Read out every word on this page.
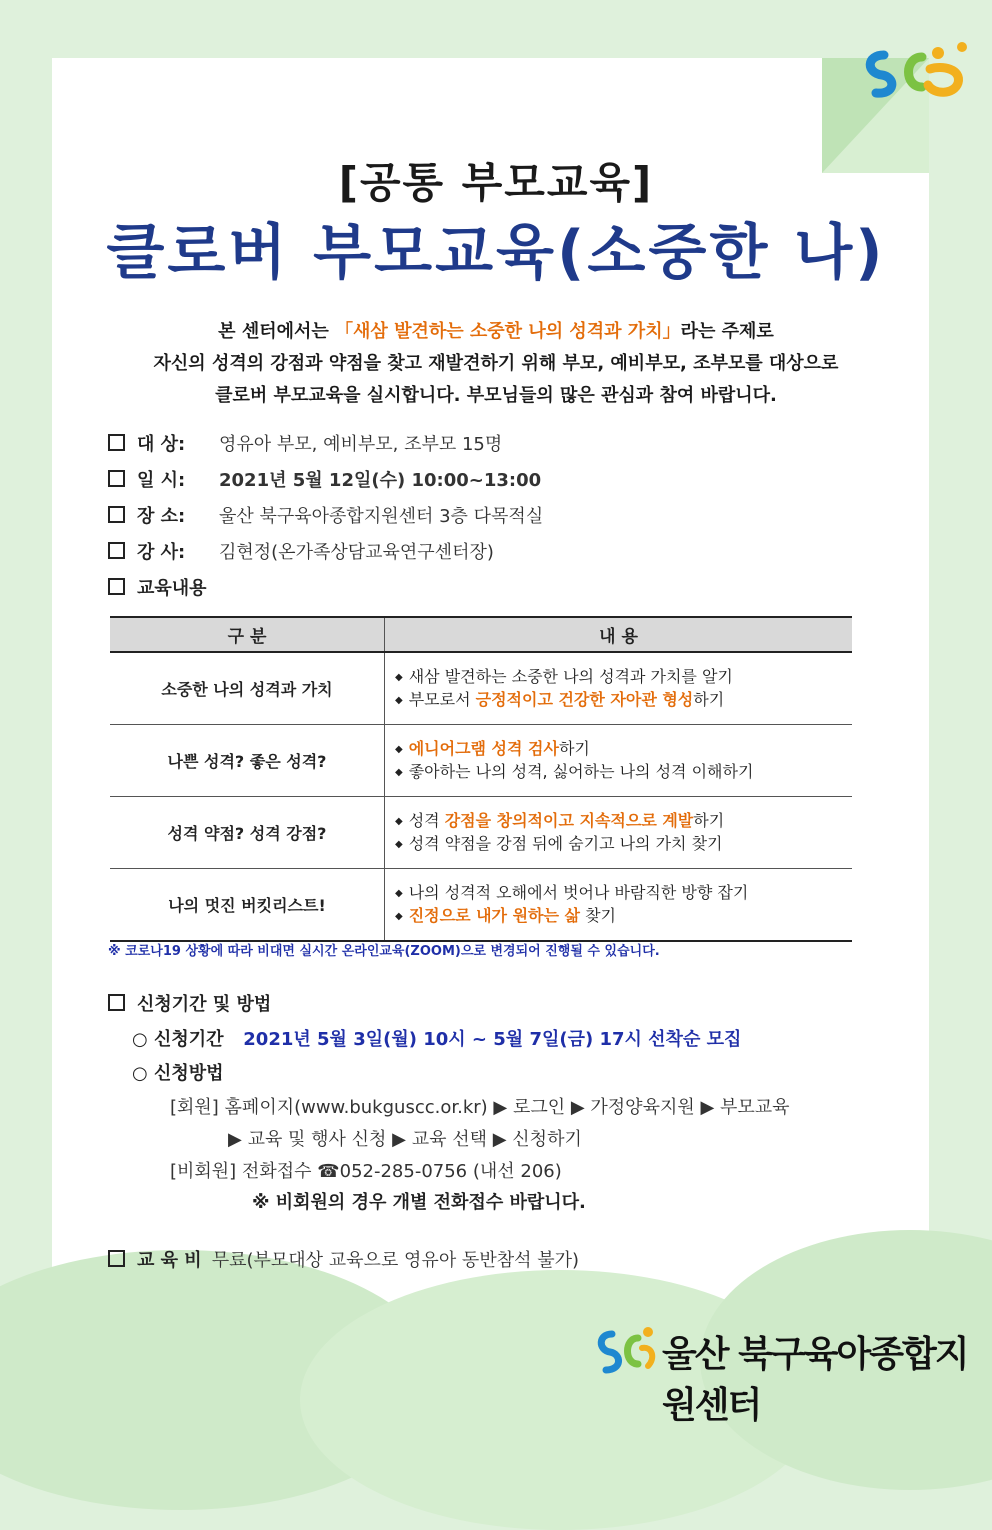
[공통 부모교육]
클로버 부모교육(소중한 나)
본 센터에서는 「새삼 발견하는 소중한 나의 성격과 가치」라는 주제로
자신의 성격의 강점과 약점을 찾고 재발견하기 위해 부모, 예비부모, 조부모를 대상으로
클로버 부모교육을 실시합니다. 부모님들의 많은 관심과 참여 바랍니다.
대 상: 영유아 부모, 예비부모, 조부모 15명
일 시: 2021년 5월 12일(수) 10:00~13:00
장 소: 울산 북구육아종합지원센터 3층 다목적실
강 사: 김현정(온가족상담교육연구센터장)
교육내용
구 분	내 용
소중한 나의 성격과 가치	◆ 새삼 발견하는 소중한 나의 성격과 가치를 알기
◆ 부모로서 긍정적이고 건강한 자아관 형성하기

나쁜 성격? 좋은 성격?	◆ 에니어그램 성격 검사하기
◆ 좋아하는 나의 성격, 싫어하는 나의 성격 이해하기

성격 약점? 성격 강점?	◆ 성격 강점을 창의적이고 지속적으로 계발하기
◆ 성격 약점을 강점 뒤에 숨기고 나의 가치 찾기

나의 멋진 버킷리스트!	◆ 나의 성격적 오해에서 벗어나 바람직한 방향 잡기
◆ 진정으로 내가 원하는 삶 찾기
※ 코로나19 상황에 따라 비대면 실시간 온라인교육(ZOOM)으로 변경되어 진행될 수 있습니다.
신청기간 및 방법
○ 신청기간 2021년 5월 3일(월) 10시 ~ 5월 7일(금) 17시 선착순 모집
○ 신청방법
[회원] 홈페이지(www.bukguscc.or.kr) ▶ 로그인 ▶ 가정양육지원 ▶ 부모교육
▶ 교육 및 행사 신청 ▶ 교육 선택 ▶ 신청하기
[비회원] 전화접수 ☎052-285-0756 (내선 206)
※ 비회원의 경우 개별 전화접수 바랍니다.
교 육 비 무료(부모대상 교육으로 영유아 동반참석 불가)
울산 북구육아종합지원센터
